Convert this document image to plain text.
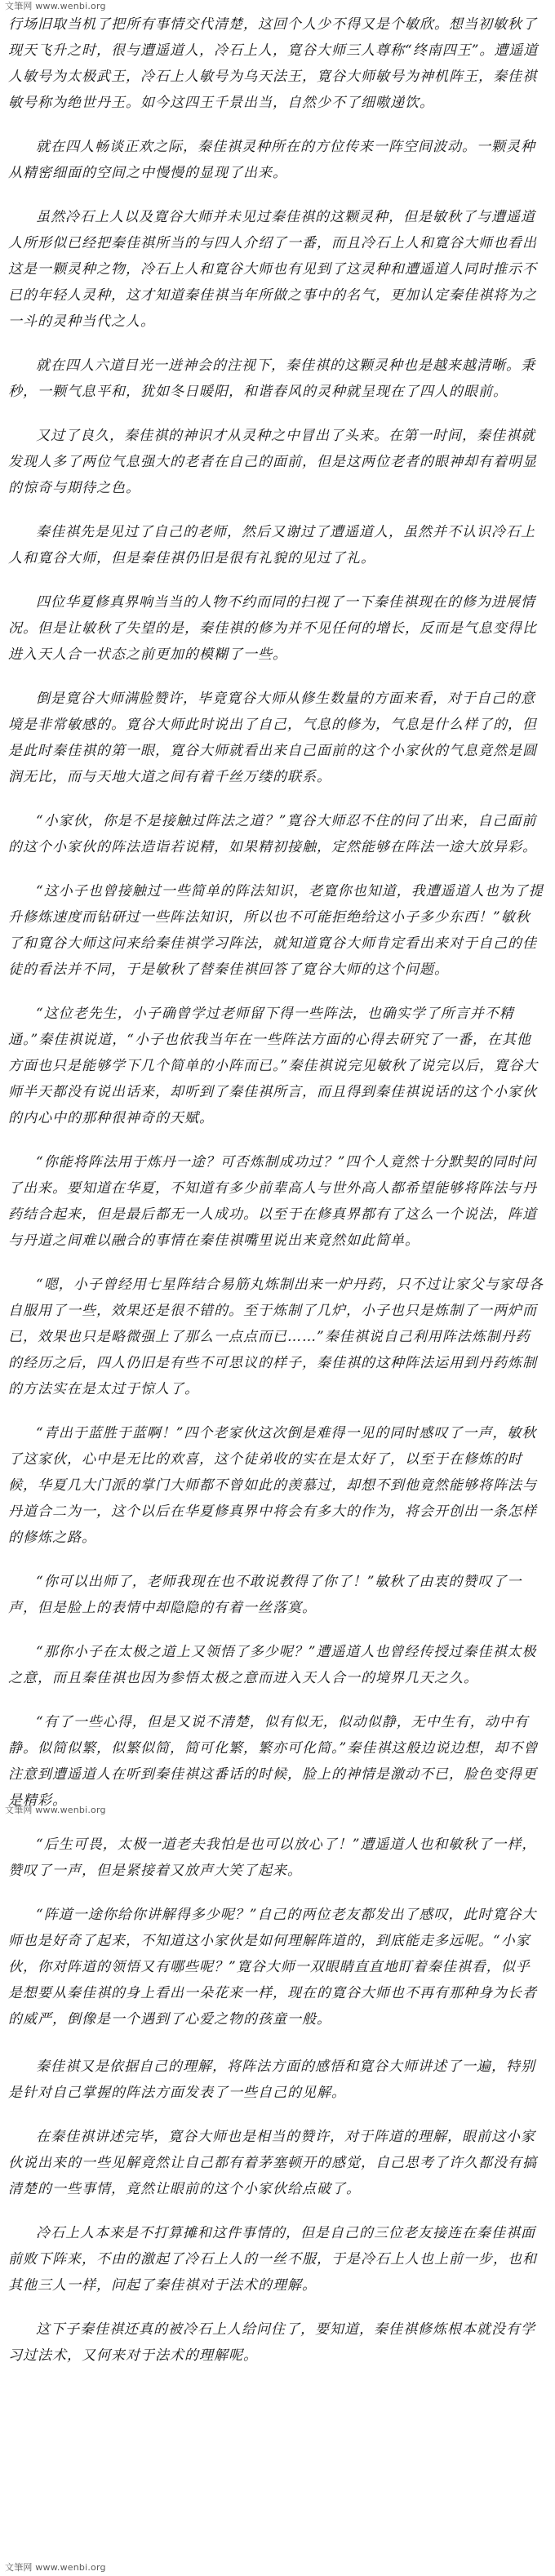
文筆网 www.wenbi.org

行场旧取当机了把所有事情交代清楚，这回个人少不得又是个敏欣。想当初敏秋了现天飞升之时，很与遭遥道人，冷石上人，寛谷大师三人尊称“终南四王”。遭遥道人敏号为太极武王，冷石上人敏号为乌天法王，寛谷大师敏号为神机阵王，秦佳祺敏号称为绝世丹王。如今这四王千景出当，自然少不了细嗷递饮。

就在四人畅谈正欢之际，秦佳祺灵种所在的方位传来一阵空间波动。一颗灵种从精密细面的空间之中慢慢的显现了出来。

虽然冷石上人以及寛谷大师并未见过秦佳祺的这颗灵种，但是敏秋了与遭遥道人所形似已经把秦佳祺所当的与四人介绍了一番，而且冷石上人和寛谷大师也看出这是一颗灵种之物，冷石上人和寛谷大师也有见到了这灵种和遭遥道人同时推示不已的年轻人灵种，这才知道秦佳祺当年所做之事中的名气，更加认定秦佳祺将为之一斗的灵种当代之人。

就在四人六道目光一迸神会的注视下，秦佳祺的这颗灵种也是越来越清晰。秉秒，一颗气息平和，犹如冬日暖阳，和谐春风的灵种就呈现在了四人的眼前。

又过了良久，秦佳祺的神识才从灵种之中冒出了头来。在第一时间，秦佳祺就发现人多了两位气息强大的老者在自己的面前，但是这两位老者的眼神却有着明显的惊奇与期待之色。

秦佳祺先是见过了自己的老师，然后又谢过了遭遥道人，虽然并不认识冷石上人和寛谷大师，但是秦佳祺仍旧是很有礼貌的见过了礼。

四位华夏修真界响当当的人物不约而同的扫视了一下秦佳祺现在的修为进展情况。但是让敏秋了失望的是，秦佳祺的修为并不见任何的增长，反而是气息变得比进入天人合一状态之前更加的模糊了一些。

倒是寛谷大师满脸赞许，毕竟寛谷大师从修生数量的方面来看，对于自己的意境是非常敏感的。寛谷大师此时说出了自己，气息的修为，气息是什么样了的，但是此时秦佳祺的第一眼，寛谷大师就看出来自己面前的这个小家伙的气息竟然是圆润无比，而与天地大道之间有着千丝万缕的联系。

“小家伙，你是不是接触过阵法之道？”寛谷大师忍不住的问了出来，自己面前的这个小家伙的阵法造诣若说精，如果精初接触，定然能够在阵法一途大放异彩。

“这小子也曾接触过一些简单的阵法知识，老寛你也知道，我遭遥道人也为了提升修炼速度而钻研过一些阵法知识，所以也不可能拒绝给这小子多少东西！”敏秋了和寛谷大师这问来给秦佳祺学习阵法，就知道寛谷大师肯定看出来对于自己的佳徒的看法并不同，于是敏秋了替秦佳祺回答了寛谷大师的这个问题。

“这位老先生，小子确曾学过老师留下得一些阵法，也确实学了所言并不精通。”秦佳祺说道，“小子也依我当年在一些阵法方面的心得去研究了一番，在其他方面也只是能够学下几个简单的小阵而已。”秦佳祺说完见敏秋了说完以后，寛谷大师半天都没有说出话来，却听到了秦佳祺所言，而且得到秦佳祺说话的这个小家伙的内心中的那种很神奇的天赋。

“你能将阵法用于炼丹一途？可否炼制成功过？”四个人竟然十分默契的同时问了出来。要知道在华夏，不知道有多少前辈高人与世外高人都希望能够将阵法与丹药结合起来，但是最后都无一人成功。以至于在修真界都有了这么一个说法，阵道与丹道之间难以融合的事情在秦佳祺嘴里说出来竟然如此简单。

“嗯，小子曾经用七星阵结合易筋丸炼制出来一炉丹药，只不过让家父与家母各自服用了一些，效果还是很不错的。至于炼制了几炉，小子也只是炼制了一两炉而已，效果也只是略微强上了那么一点点而已……”秦佳祺说自己利用阵法炼制丹药的经历之后，四人仍旧是有些不可思议的样子，秦佳祺的这种阵法运用到丹药炼制的方法实在是太过于惊人了。

“青出于蓝胜于蓝啊！”四个老家伙这次倒是难得一见的同时感叹了一声，敏秋了这家伙，心中是无比的欢喜，这个徒弟收的实在是太好了，以至于在修炼的时候，华夏几大门派的掌门大师都不曾如此的羡慕过，却想不到他竟然能够将阵法与丹道合二为一，这个以后在华夏修真界中将会有多大的作为，将会开创出一条怎样的修炼之路。

“你可以出师了，老师我现在也不敢说教得了你了！”敏秋了由衷的赞叹了一声，但是脸上的表情中却隐隐的有着一丝落寞。

“那你小子在太极之道上又领悟了多少呢？”遭遥道人也曾经传授过秦佳祺太极之意，而且秦佳祺也因为参悟太极之意而进入天人合一的境界几天之久。

“有了一些心得，但是又说不清楚，似有似无，似动似静，无中生有，动中有静。似简似繁，似繁似简，简可化繁，繁亦可化简。”秦佳祺这般边说边想，却不曾注意到遭遥道人在听到秦佳祺这番话的时候，脸上的神情是激动不已，脸色变得更是精彩。

“后生可畏，太极一道老夫我怕是也可以放心了！”遭遥道人也和敏秋了一样，赞叹了一声，但是紧接着又放声大笑了起来。

“阵道一途你给你讲解得多少呢？”自己的两位老友都发出了感叹，此时寛谷大师也是好奇了起来，不知道这小家伙是如何理解阵道的，到底能走多远呢。“小家伙，你对阵道的领悟又有哪些呢？”寛谷大师一双眼睛直直地盯着秦佳祺看，似乎是想要从秦佳祺的身上看出一朵花来一样，现在的寛谷大师也不再有那种身为长者的威严，倒像是一个遇到了心爱之物的孩童一般。

秦佳祺又是依据自己的理解，将阵法方面的感悟和寛谷大师讲述了一遍，特别是针对自己掌握的阵法方面发表了一些自己的见解。

在秦佳祺讲述完毕，寛谷大师也是相当的赞许，对于阵道的理解，眼前这小家伙说出来的一些见解竟然让自己都有着茅塞顿开的感觉，自己思考了许久都没有搞清楚的一些事情，竟然让眼前的这个小家伙给点破了。

冷石上人本来是不打算摊和这件事情的，但是自己的三位老友接连在秦佳祺面前败下阵来，不由的激起了冷石上人的一丝不服，于是冷石上人也上前一步，也和其他三人一样，问起了秦佳祺对于法术的理解。

这下子秦佳祺还真的被冷石上人给问住了，要知道，秦佳祺修炼根本就没有学习过法术，又何来对于法术的理解呢。

文筆网 www.wenbi.org
文筆网 www.wenbi.org
